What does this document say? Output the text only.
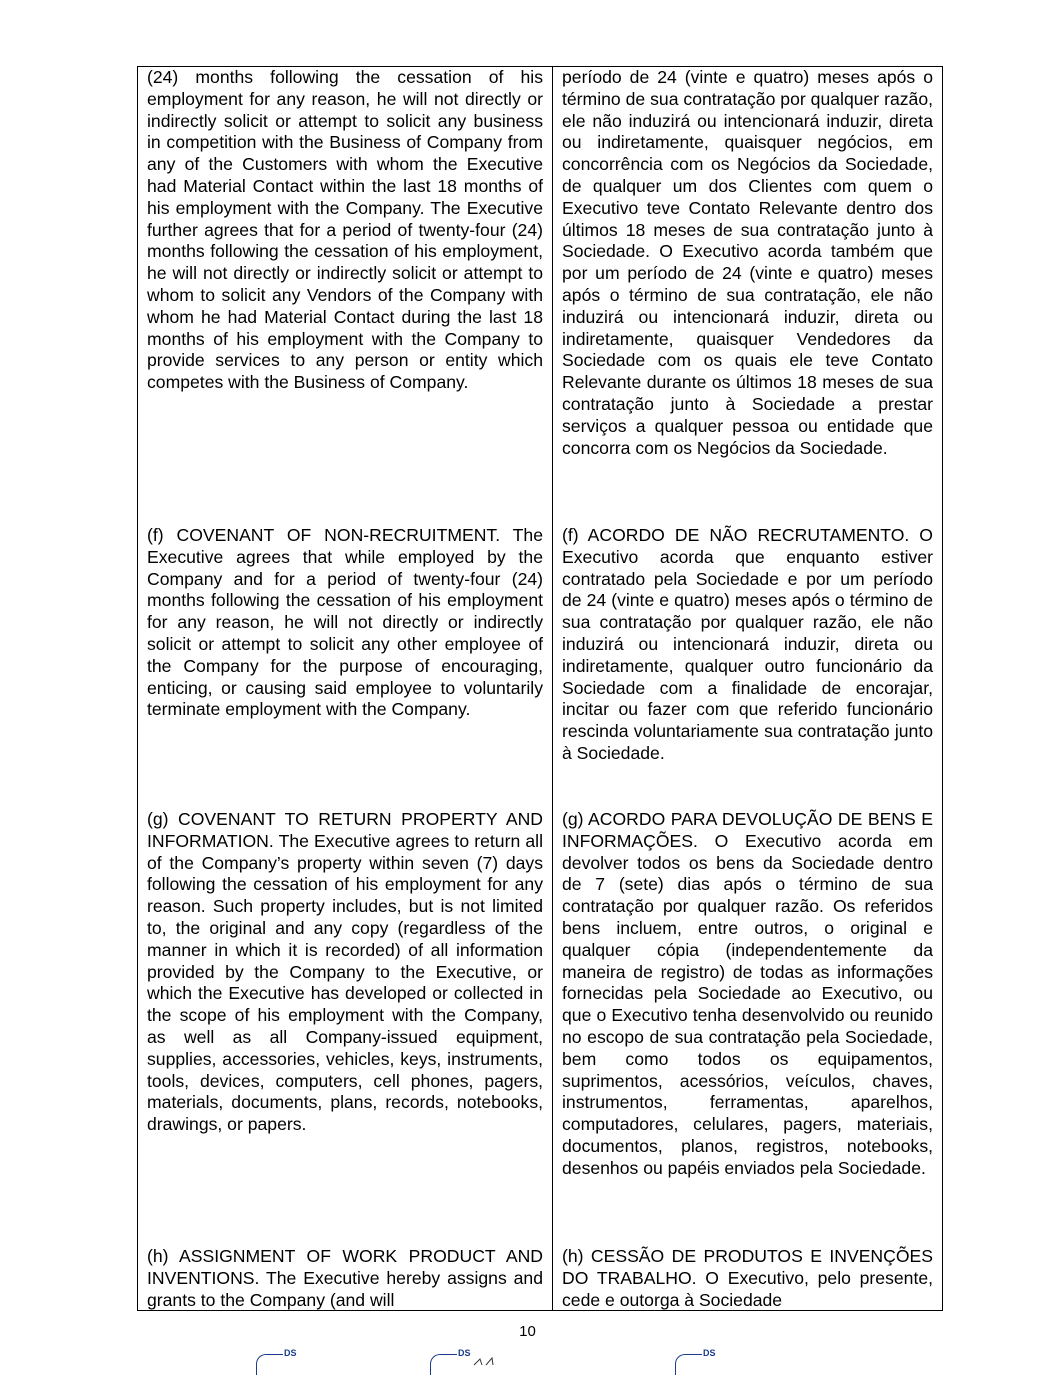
(24) months following the cessation of his employment for any reason, he will not directly or indirectly solicit or attempt to solicit any business in competition with the Business of Company from any of the Customers with whom the Executive had Material Contact within the last 18 months of his employment with the Company. The Executive further agrees that for a period of twenty-four (24) months following the cessation of his employment, he will not directly or indirectly solicit or attempt to whom to solicit any Vendors of the Company with whom he had Material Contact during the last 18 months of his employment with the Company to provide services to any person or entity which competes with the Business of Company.

(f) COVENANT OF NON-RECRUITMENT. The Executive agrees that while employed by the Company and for a period of twenty-four (24) months following the cessation of his employment for any reason, he will not directly or indirectly solicit or attempt to solicit any other employee of the Company for the purpose of encouraging, enticing, or causing said employee to voluntarily terminate employment with the Company.

(g) COVENANT TO RETURN PROPERTY AND INFORMATION. The Executive agrees to return all of the Company’s property within seven (7) days following the cessation of his employment for any reason. Such property includes, but is not limited to, the original and any copy (regardless of the manner in which it is recorded) of all information provided by the Company to the Executive, or which the Executive has developed or collected in the scope of his employment with the Company, as well as all Company-issued equipment, supplies, accessories, vehicles, keys, instruments, tools, devices, computers, cell phones, pagers, materials, documents, plans, records, notebooks, drawings, or papers.

(h) ASSIGNMENT OF WORK PRODUCT AND INVENTIONS. The Executive hereby assigns and grants to the Company (and will

período de 24 (vinte e quatro) meses após o término de sua contratação por qualquer razão, ele não induzirá ou intencionará induzir, direta ou indiretamente, quaisquer negócios, em concorrência com os Negócios da Sociedade, de qualquer um dos Clientes com quem o Executivo teve Contato Relevante dentro dos últimos 18 meses de sua contratação junto à Sociedade. O Executivo acorda também que por um período de 24 (vinte e quatro) meses após o término de sua contratação, ele não induzirá ou intencionará induzir, direta ou indiretamente, quaisquer Vendedores da Sociedade com os quais ele teve Contato Relevante durante os últimos 18 meses de sua contratação junto à Sociedade a prestar serviços a qualquer pessoa ou entidade que concorra com os Negócios da Sociedade.

(f) ACORDO DE NÃO RECRUTAMENTO. O Executivo acorda que enquanto estiver contratado pela Sociedade e por um período de 24 (vinte e quatro) meses após o término de sua contratação por qualquer razão, ele não induzirá ou intencionará induzir, direta ou indiretamente, qualquer outro funcionário da Sociedade com a finalidade de encorajar, incitar ou fazer com que referido funcionário rescinda voluntariamente sua contratação junto à Sociedade.

(g) ACORDO PARA DEVOLUÇÃO DE BENS E INFORMAÇÕES. O Executivo acorda em devolver todos os bens da Sociedade dentro de 7 (sete) dias após o término de sua contratação por qualquer razão. Os referidos bens incluem, entre outros, o original e qualquer cópia (independentemente da maneira de registro) de todas as informações fornecidas pela Sociedade ao Executivo, ou que o Executivo tenha desenvolvido ou reunido no escopo de sua contratação pela Sociedade, bem como todos os equipamentos, suprimentos, acessórios, veículos, chaves, instrumentos, ferramentas, aparelhos, computadores, celulares, pagers, materiais, documentos, planos, registros, notebooks, desenhos ou papéis enviados pela Sociedade.

(h) CESSÃO DE PRODUTOS E INVENÇÕES DO TRABALHO. O Executivo, pelo presente, cede e outorga à Sociedade

10
DS	DS	DS
